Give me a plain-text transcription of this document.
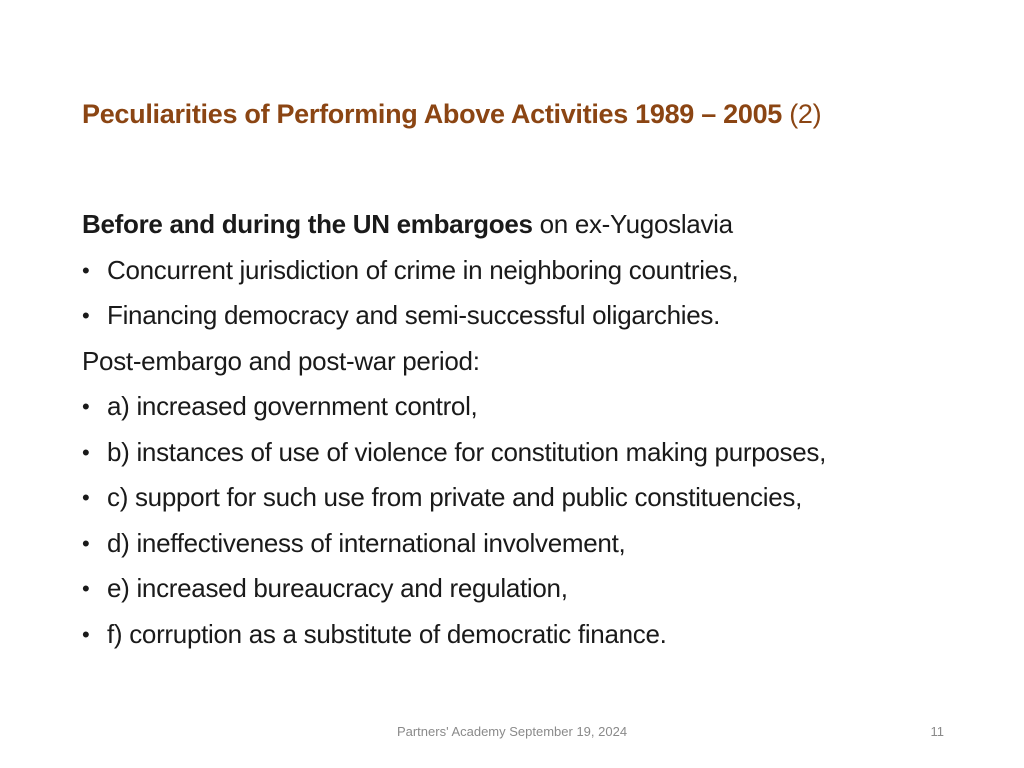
Peculiarities of Performing Above Activities 1989 – 2005 (2)
Before and during the UN embargoes on ex-Yugoslavia
• Concurrent jurisdiction of crime in neighboring countries,
• Financing democracy and semi-successful oligarchies.
Post-embargo and post-war period:
• a) increased government control,
• b) instances of use of violence for constitution making purposes,
• c) support for such use from private and public constituencies,
• d) ineffectiveness of international involvement,
• e) increased bureaucracy and regulation,
• f) corruption as a substitute of democratic finance.
Partners' Academy September 19, 2024	11
